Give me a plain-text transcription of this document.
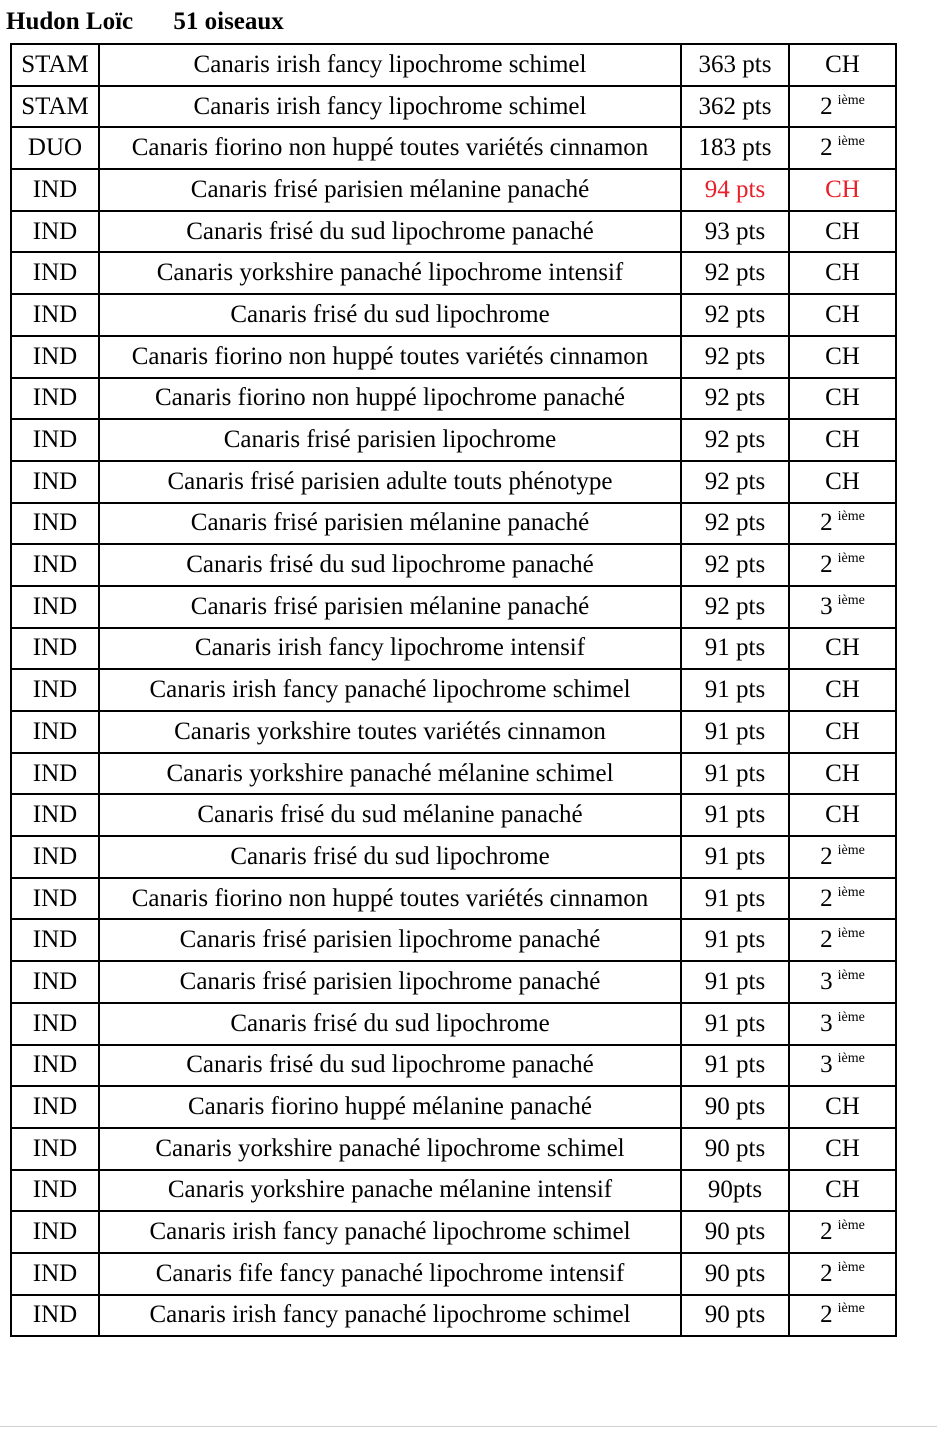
Hudon Loïc 51 oiseaux
STAM	Canaris irish fancy lipochrome schimel	363 pts	CH
STAM	Canaris irish fancy lipochrome schimel	362 pts	2 $^{ième}$
DUO	Canaris fiorino non huppé toutes variétés cinnamon	183 pts	2 $^{ième}$
IND	Canaris frisé parisien mélanine panaché	94 pts	CH
IND	Canaris frisé du sud lipochrome panaché	93 pts	CH
IND	Canaris yorkshire panaché lipochrome intensif	92 pts	CH
IND	Canaris frisé du sud lipochrome	92 pts	CH
IND	Canaris fiorino non huppé toutes variétés cinnamon	92 pts	CH
IND	Canaris fiorino non huppé lipochrome panaché	92 pts	CH
IND	Canaris frisé parisien lipochrome	92 pts	CH
IND	Canaris frisé parisien adulte touts phénotype	92 pts	CH
IND	Canaris frisé parisien mélanine panaché	92 pts	2 $^{ième}$
IND	Canaris frisé du sud lipochrome panaché	92 pts	2 $^{ième}$
IND	Canaris frisé parisien mélanine panaché	92 pts	3 $^{ième}$
IND	Canaris irish fancy lipochrome intensif	91 pts	CH
IND	Canaris irish fancy panaché lipochrome schimel	91 pts	CH
IND	Canaris yorkshire toutes variétés cinnamon	91 pts	CH
IND	Canaris yorkshire panaché mélanine schimel	91 pts	CH
IND	Canaris frisé du sud mélanine panaché	91 pts	CH
IND	Canaris frisé du sud lipochrome	91 pts	2 $^{ième}$
IND	Canaris fiorino non huppé toutes variétés cinnamon	91 pts	2 $^{ième}$
IND	Canaris frisé parisien lipochrome panaché	91 pts	2 $^{ième}$
IND	Canaris frisé parisien lipochrome panaché	91 pts	3 $^{ième}$
IND	Canaris frisé du sud lipochrome	91 pts	3 $^{ième}$
IND	Canaris frisé du sud lipochrome panaché	91 pts	3 $^{ième}$
IND	Canaris fiorino huppé mélanine panaché	90 pts	CH
IND	Canaris yorkshire panaché lipochrome schimel	90 pts	CH
IND	Canaris yorkshire panache mélanine intensif	90pts	CH
IND	Canaris irish fancy panaché lipochrome schimel	90 pts	2 $^{ième}$
IND	Canaris fife fancy panaché lipochrome intensif	90 pts	2 $^{ième}$
IND	Canaris irish fancy panaché lipochrome schimel	90 pts	2 $^{ième}$
